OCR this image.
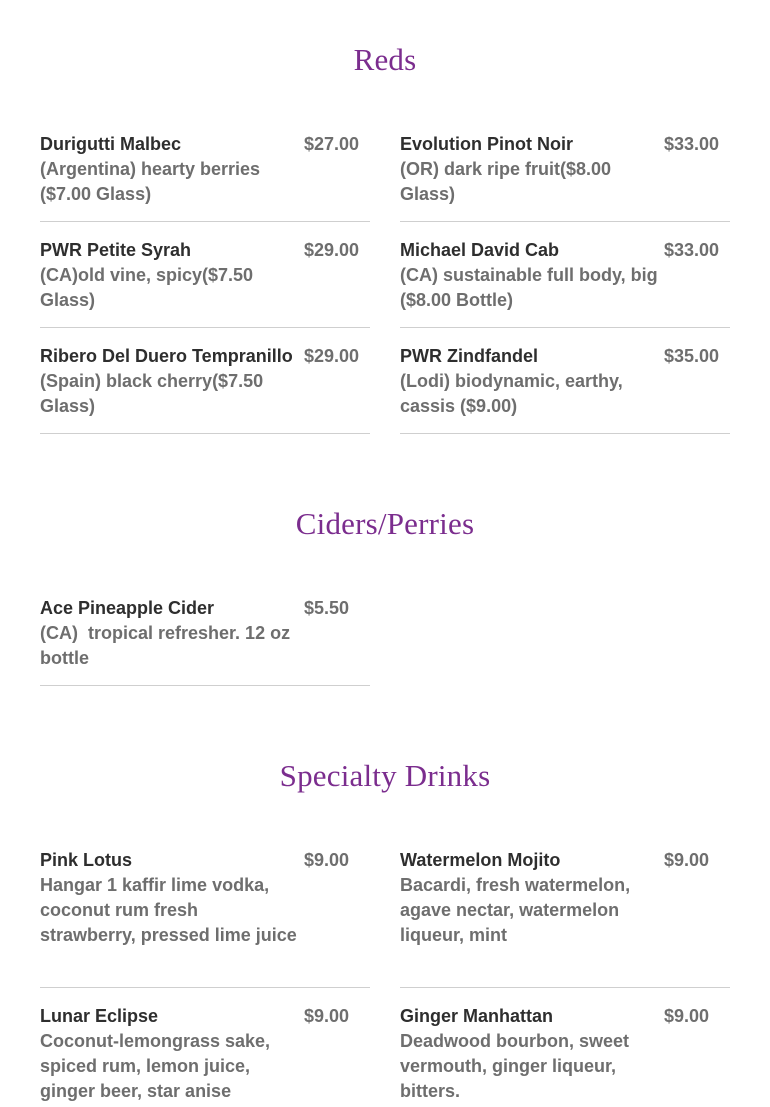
Reds
Durigutti Malbec	$27.00
(Argentina) hearty berries ($7.00 Glass)
Evolution Pinot Noir	$33.00
(OR) dark ripe fruit($8.00 Glass)
PWR Petite Syrah	$29.00
(CA)old vine, spicy($7.50 Glass)
Michael David Cab	$33.00
(CA) sustainable full body, big ($8.00 Bottle)
Ribero Del Duero Tempranillo $29.00
(Spain) black cherry($7.50 Glass)
PWR Zindfandel	$35.00
(Lodi) biodynamic, earthy, cassis ($9.00)
Ciders/Perries
Ace Pineapple Cider	$5.50
(CA)  tropical refresher. 12 oz bottle
Specialty Drinks
Pink Lotus	$9.00
Hangar 1 kaffir lime vodka, coconut rum fresh strawberry, pressed lime juice
Watermelon Mojito	$9.00
Bacardi, fresh watermelon, agave nectar, watermelon liqueur, mint
Lunar Eclipse	$9.00
Coconut-lemongrass sake, spiced rum, lemon juice, ginger beer, star anise
Ginger Manhattan	$9.00
Deadwood bourbon, sweet vermouth, ginger liqueur, bitters.
